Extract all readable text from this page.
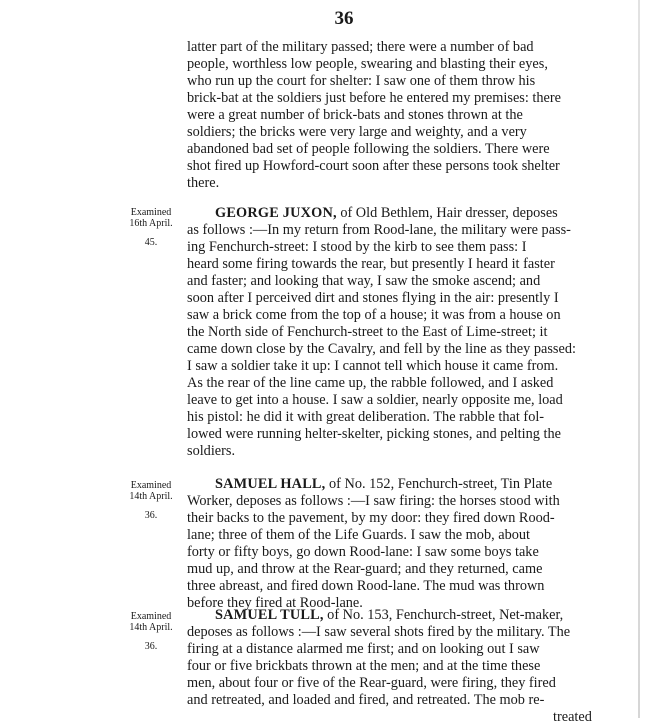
36
latter part of the military passed; there were a number of bad
people, worthless low people, swearing and blasting their eyes,
who run up the court for shelter: I saw one of them throw his
brick-bat at the soldiers just before he entered my premises: there
were a great number of brick-bats and stones thrown at the
soldiers; the bricks were very large and weighty, and a very
abandoned bad set of people following the soldiers. There were
shot fired up Howford-court soon after these persons took shelter
there.
Examined
16th April.
45.
GEORGE JUXON, of Old Bethlem, Hair dresser, deposes
as follows :—In my return from Rood-lane, the military were pass-
ing Fenchurch-street: I stood by the kirb to see them pass: I
heard some firing towards the rear, but presently I heard it faster
and faster; and looking that way, I saw the smoke ascend; and
soon after I perceived dirt and stones flying in the air: presently I
saw a brick come from the top of a house; it was from a house on
the North side of Fenchurch-street to the East of Lime-street; it
came down close by the Cavalry, and fell by the line as they passed:
I saw a soldier take it up: I cannot tell which house it came from.
As the rear of the line came up, the rabble followed, and I asked
leave to get into a house. I saw a soldier, nearly opposite me, load
his pistol: he did it with great deliberation. The rabble that fol-
lowed were running helter-skelter, picking stones, and pelting the
soldiers.
Examined
14th April.
36.
SAMUEL HALL, of No. 152, Fenchurch-street, Tin Plate
Worker, deposes as follows :—I saw firing: the horses stood with
their backs to the pavement, by my door: they fired down Rood-
lane; three of them of the Life Guards. I saw the mob, about
forty or fifty boys, go down Rood-lane: I saw some boys take
mud up, and throw at the Rear-guard; and they returned, came
three abreast, and fired down Rood-lane. The mud was thrown
before they fired at Rood-lane.
Examined
14th April.
36.
SAMUEL TULL, of No. 153, Fenchurch-street, Net-maker,
deposes as follows :—I saw several shots fired by the military. The
firing at a distance alarmed me first; and on looking out I saw
four or five brickbats thrown at the men; and at the time these
men, about four or five of the Rear-guard, were firing, they fired
and retreated, and loaded and fired, and retreated. The mob re-
treated
